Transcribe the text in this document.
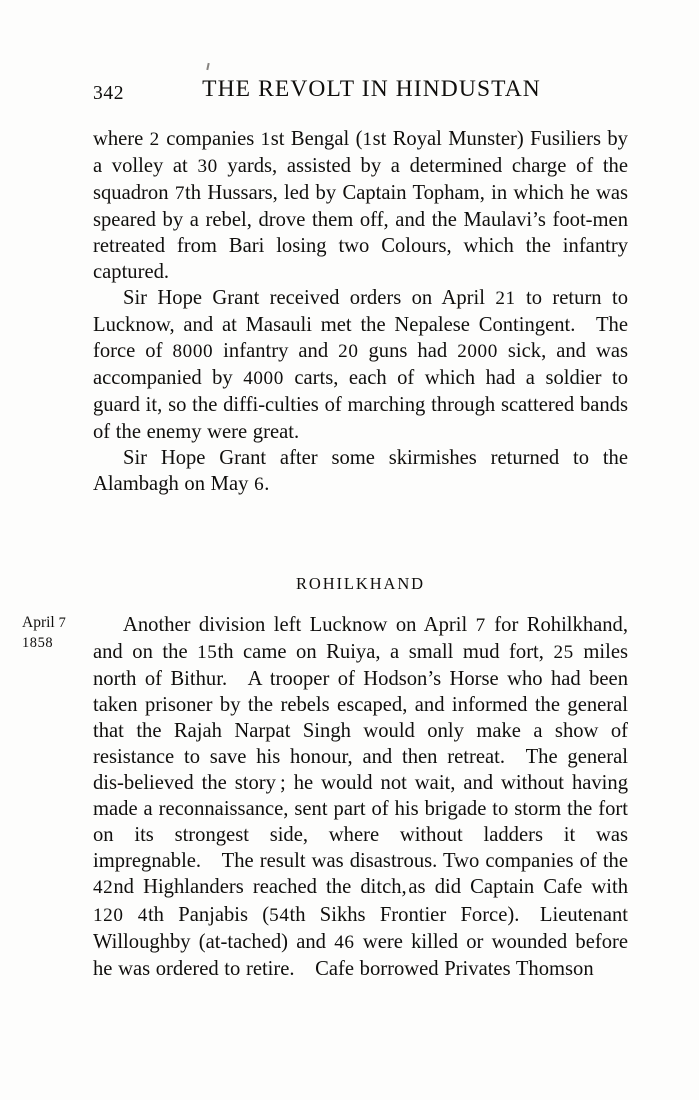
342	THE REVOLT IN HINDUSTAN

where 2 companies 1st Bengal (1st Royal Munster) Fusiliers by a volley at 30 yards, assisted by a determined charge of the squadron 7th Hussars, led by Captain Topham, in which he was speared by a rebel, drove them off, and the Maulavi’s foot-men retreated from Bari losing two Colours, which the infantry captured.

Sir Hope Grant received orders on April 21 to return to Lucknow, and at Masauli met the Nepalese Contingent. The force of 8000 infantry and 20 guns had 2000 sick, and was accompanied by 4000 carts, each of which had a soldier to guard it, so the diffi-culties of marching through scattered bands of the enemy were great.

Sir Hope Grant after some skirmishes returned to the Alambagh on May 6.

ROHILKHAND
April 7
1858

Another division left Lucknow on April 7 for Rohilkhand, and on the 15th came on Ruiya, a small mud fort, 25 miles north of Bithur. A trooper of Hodson’s Horse who had been taken prisoner by the rebels escaped, and informed the general that the Rajah Narpat Singh would only make a show of resistance to save his honour, and then retreat. The general dis-believed the story ; he would not wait, and without having made a reconnaissance, sent part of his brigade to storm the fort on its strongest side, where without ladders it was impregnable. The result was disastrous. Two companies of the 42nd Highlanders reached the ditch, as did Captain Cafe with 120 4th Panjabis (54th Sikhs Frontier Force). Lieutenant Willoughby (at-tached) and 46 were killed or wounded before he was ordered to retire. Cafe borrowed Privates Thomson
